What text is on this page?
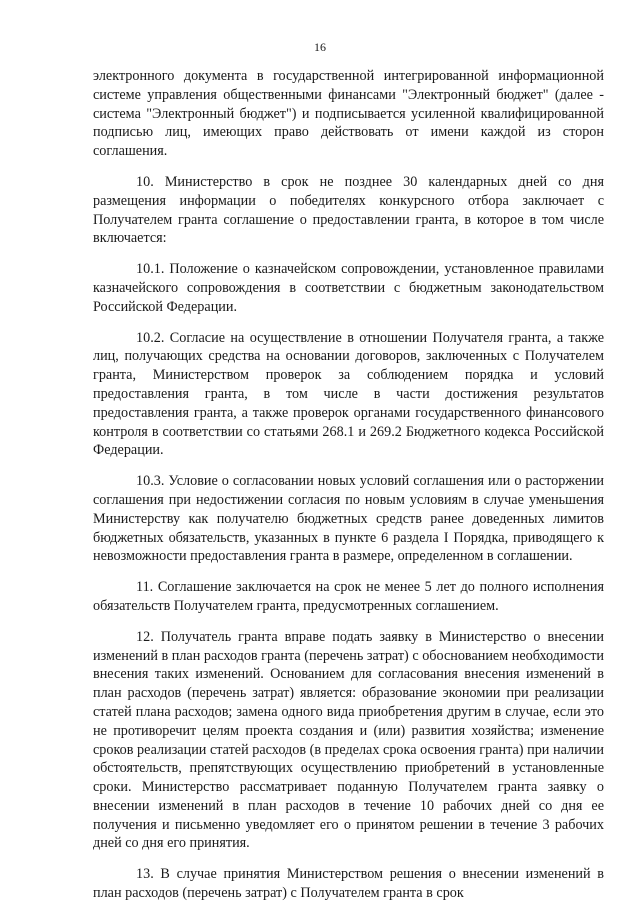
16

электронного документа в государственной интегрированной информационной системе управления общественными финансами "Электронный бюджет" (далее - система "Электронный бюджет") и подписывается усиленной квалифицированной подписью лиц, имеющих право действовать от имени каждой из сторон соглашения.

10. Министерство в срок не позднее 30 календарных дней со дня размещения информации о победителях конкурсного отбора заключает с Получателем гранта соглашение о предоставлении гранта, в которое в том числе включается:

10.1. Положение о казначейском сопровождении, установленное правилами казначейского сопровождения в соответствии с бюджетным законодательством Российской Федерации.

10.2. Согласие на осуществление в отношении Получателя гранта, а также лиц, получающих средства на основании договоров, заключенных с Получателем гранта, Министерством проверок за соблюдением порядка и условий предоставления гранта, в том числе в части достижения результатов предоставления гранта, а также проверок органами государственного финансового контроля в соответствии со статьями 268.1 и 269.2 Бюджетного кодекса Российской Федерации.

10.3. Условие о согласовании новых условий соглашения или о расторжении соглашения при недостижении согласия по новым условиям в случае уменьшения Министерству как получателю бюджетных средств ранее доведенных лимитов бюджетных обязательств, указанных в пункте 6 раздела I Порядка, приводящего к невозможности предоставления гранта в размере, определенном в соглашении.

11. Соглашение заключается на срок не менее 5 лет до полного исполнения обязательств Получателем гранта, предусмотренных соглашением.

12. Получатель гранта вправе подать заявку в Министерство о внесении изменений в план расходов гранта (перечень затрат) с обоснованием необходимости внесения таких изменений. Основанием для согласования внесения изменений в план расходов (перечень затрат) является: образование экономии при реализации статей плана расходов; замена одного вида приобретения другим в случае, если это не противоречит целям проекта создания и (или) развития хозяйства; изменение сроков реализации статей расходов (в пределах срока освоения гранта) при наличии обстоятельств, препятствующих осуществлению приобретений в установленные сроки. Министерство рассматривает поданную Получателем гранта заявку о внесении изменений в план расходов в течение 10 рабочих дней со дня ее получения и письменно уведомляет его о принятом решении в течение 3 рабочих дней со дня его принятия.

13. В случае принятия Министерством решения о внесении изменений в план расходов (перечень затрат) с Получателем гранта в срок
